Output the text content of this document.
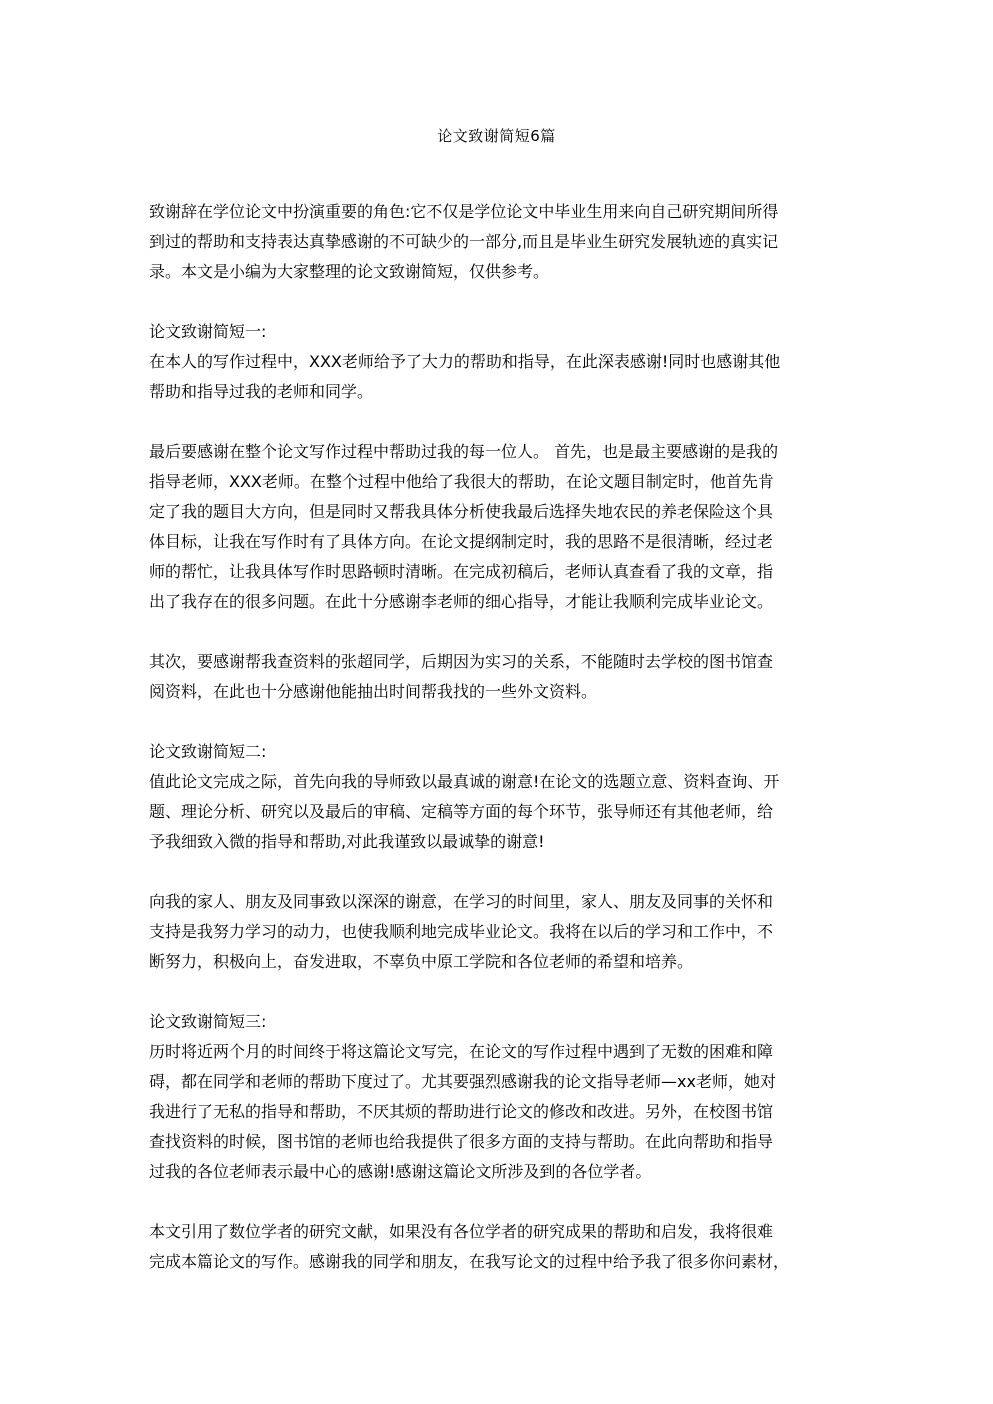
论文致谢简短6篇

致谢辞在学位论文中扮演重要的角色:它不仅是学位论文中毕业生用来向自己研究期间所得
到过的帮助和支持表达真挚感谢的不可缺少的一部分,而且是毕业生研究发展轨迹的真实记
录。本文是小编为大家整理的论文致谢简短，仅供参考。

论文致谢简短一:
在本人的写作过程中，XXX老师给予了大力的帮助和指导，在此深表感谢!同时也感谢其他
帮助和指导过我的老师和同学。

最后要感谢在整个论文写作过程中帮助过我的每一位人。 首先，也是最主要感谢的是我的
指导老师，XXX老师。在整个过程中他给了我很大的帮助，在论文题目制定时，他首先肯
定了我的题目大方向，但是同时又帮我具体分析使我最后选择失地农民的养老保险这个具
体目标，让我在写作时有了具体方向。在论文提纲制定时，我的思路不是很清晰，经过老
师的帮忙，让我具体写作时思路顿时清晰。在完成初稿后，老师认真查看了我的文章，指
出了我存在的很多问题。在此十分感谢李老师的细心指导，才能让我顺利完成毕业论文。

其次，要感谢帮我查资料的张超同学，后期因为实习的关系，不能随时去学校的图书馆查
阅资料，在此也十分感谢他能抽出时间帮我找的一些外文资料。

论文致谢简短二:
值此论文完成之际，首先向我的导师致以最真诚的谢意!在论文的选题立意、资料查询、开
题、理论分析、研究以及最后的审稿、定稿等方面的每个环节，张导师还有其他老师，给
予我细致入微的指导和帮助,对此我谨致以最诚挚的谢意!

向我的家人、朋友及同事致以深深的谢意，在学习的时间里，家人、朋友及同事的关怀和
支持是我努力学习的动力，也使我顺利地完成毕业论文。我将在以后的学习和工作中，不
断努力，积极向上，奋发进取，不辜负中原工学院和各位老师的希望和培养。

论文致谢简短三:
历时将近两个月的时间终于将这篇论文写完，在论文的写作过程中遇到了无数的困难和障
碍，都在同学和老师的帮助下度过了。尤其要强烈感谢我的论文指导老师—xx老师，她对
我进行了无私的指导和帮助，不厌其烦的帮助进行论文的修改和改进。另外，在校图书馆
查找资料的时候，图书馆的老师也给我提供了很多方面的支持与帮助。在此向帮助和指导
过我的各位老师表示最中心的感谢!感谢这篇论文所涉及到的各位学者。

本文引用了数位学者的研究文献，如果没有各位学者的研究成果的帮助和启发，我将很难
完成本篇论文的写作。感谢我的同学和朋友，在我写论文的过程中给予我了很多你问素材，
